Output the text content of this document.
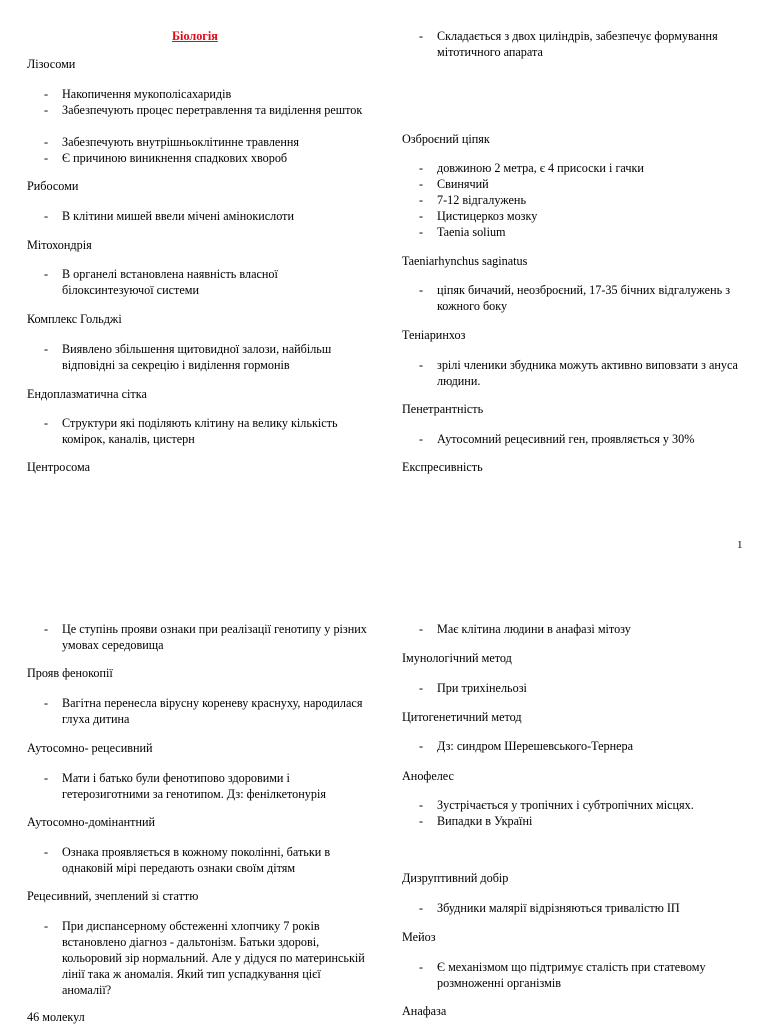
Біологія
Лізосоми
- Накопичення мукополісахаридів
- Забезпечують процес перетравлення та виділення решток
- Забезпечують внутрішньоклітинне травлення
- Є причиною виникнення спадкових хвороб
Рибосоми
- В клітини мишей ввели мічені амінокислоти
Мітохондрія
- В органелі встановлена наявність власної білоксинтезуючої системи
Комплекс Гольджі
- Виявлено збільшення щитовидної залози, найбільш відповідні за секрецію і виділення гормонів
Ендоплазматична сітка
- Структури які поділяють клітину на велику кількість комірок, каналів, цистерн
Центросома
- Складається з двох циліндрів, забезпечує формування мітотичного апарата
Озброєний ціпяк
- довжиною 2 метра, є 4 присоски і гачки
- Свинячий
- 7-12 відгалужень
- Цистицеркоз мозку
- Taenia solium
Taeniarhynchus saginatus
- ціпяк бичачий, неозброєний, 17-35 бічних відгалужень з кожного боку
Теніаринхоз
- зрілі членики збудника можуть активно виповзати з ануса людини.
Пенетрантність
- Аутосомний рецесивний ген, проявляється у 30%
Експресивність
1
- Це ступінь прояви ознаки при реалізації генотипу у різних умовах середовища
Прояв фенокопії
- Вагітна перенесла вірусну кореневу краснуху, народилася глуха дитина
Аутосомно- рецесивний
- Мати і батько були фенотипово здоровими і гетерозиготними за генотипом. Дз: фенілкетонурія
Аутосомно-домінантний
- Ознака проявляється в кожному поколінні, батьки в однаковій мірі передають ознаки своїм дітям
Рецесивний, зчеплений зі статтю
- При диспансерному обстеженні хлопчику 7 років встановлено діагноз - дальтонізм. Батьки здорові, кольоровий зір нормальний. Але у дідуся по материнській лінії така ж аномалія. Який тип успадкування цієї аномалії?
46 молекул
- Має клітина людини в анафазі мітозу
Імунологічний метод
- При трихінельозі
Цитогенетичний метод
- Дз: синдром Шерешевського-Тернера
Анофелес
- Зустрічається у тропічних і субтропічних місцях.
- Випадки в Україні
Дизруптивний добір
- Збудники малярії відрізняються тривалістю ІП
Мейоз
- Є механізмом що підтримує сталість при статевому розмноженні організмів
Анафаза
